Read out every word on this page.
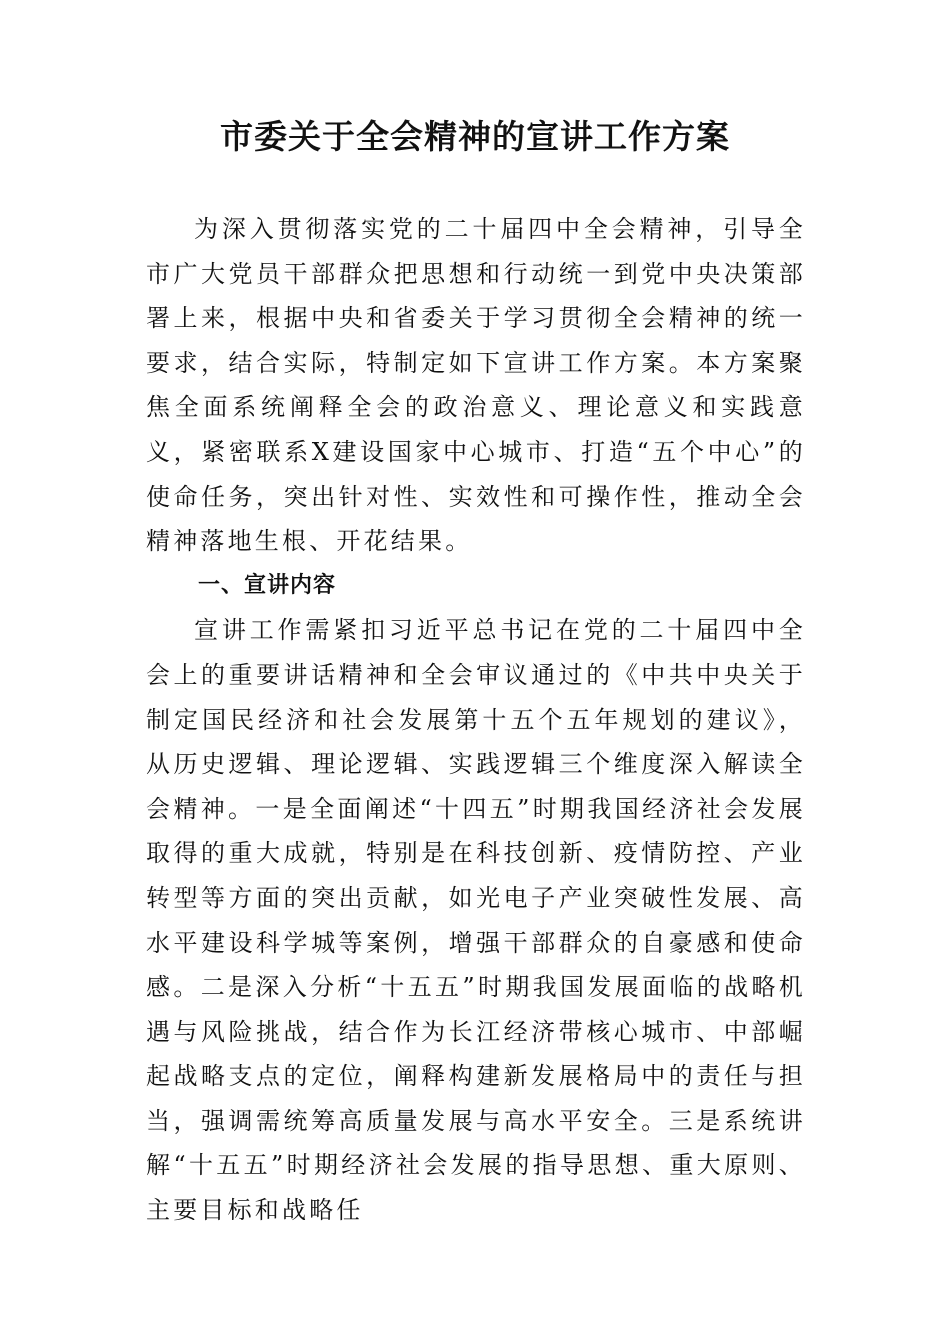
市委关于全会精神的宣讲工作方案

为深入贯彻落实党的二十届四中全会精神，引导全市广大党员干部群众把思想和行动统一到党中央决策部署上来，根据中央和省委关于学习贯彻全会精神的统一要求，结合实际，特制定如下宣讲工作方案。本方案聚焦全面系统阐释全会的政治意义、理论意义和实践意义，紧密联系X建设国家中心城市、打造“五个中心”的使命任务，突出针对性、实效性和可操作性，推动全会精神落地生根、开花结果。

一、宣讲内容

宣讲工作需紧扣习近平总书记在党的二十届四中全会上的重要讲话精神和全会审议通过的《中共中央关于制定国民经济和社会发展第十五个五年规划的建议》，从历史逻辑、理论逻辑、实践逻辑三个维度深入解读全会精神。一是全面阐述“十四五”时期我国经济社会发展取得的重大成就，特别是在科技创新、疫情防控、产业转型等方面的突出贡献，如光电子产业突破性发展、高水平建设科学城等案例，增强干部群众的自豪感和使命感。二是深入分析“十五五”时期我国发展面临的战略机遇与风险挑战，结合作为长江经济带核心城市、中部崛起战略支点的定位，阐释构建新发展格局中的责任与担当，强调需统筹高质量发展与高水平安全。三是系统讲解“十五五”时期经济社会发展的指导思想、重大原则、主要目标和战略任
